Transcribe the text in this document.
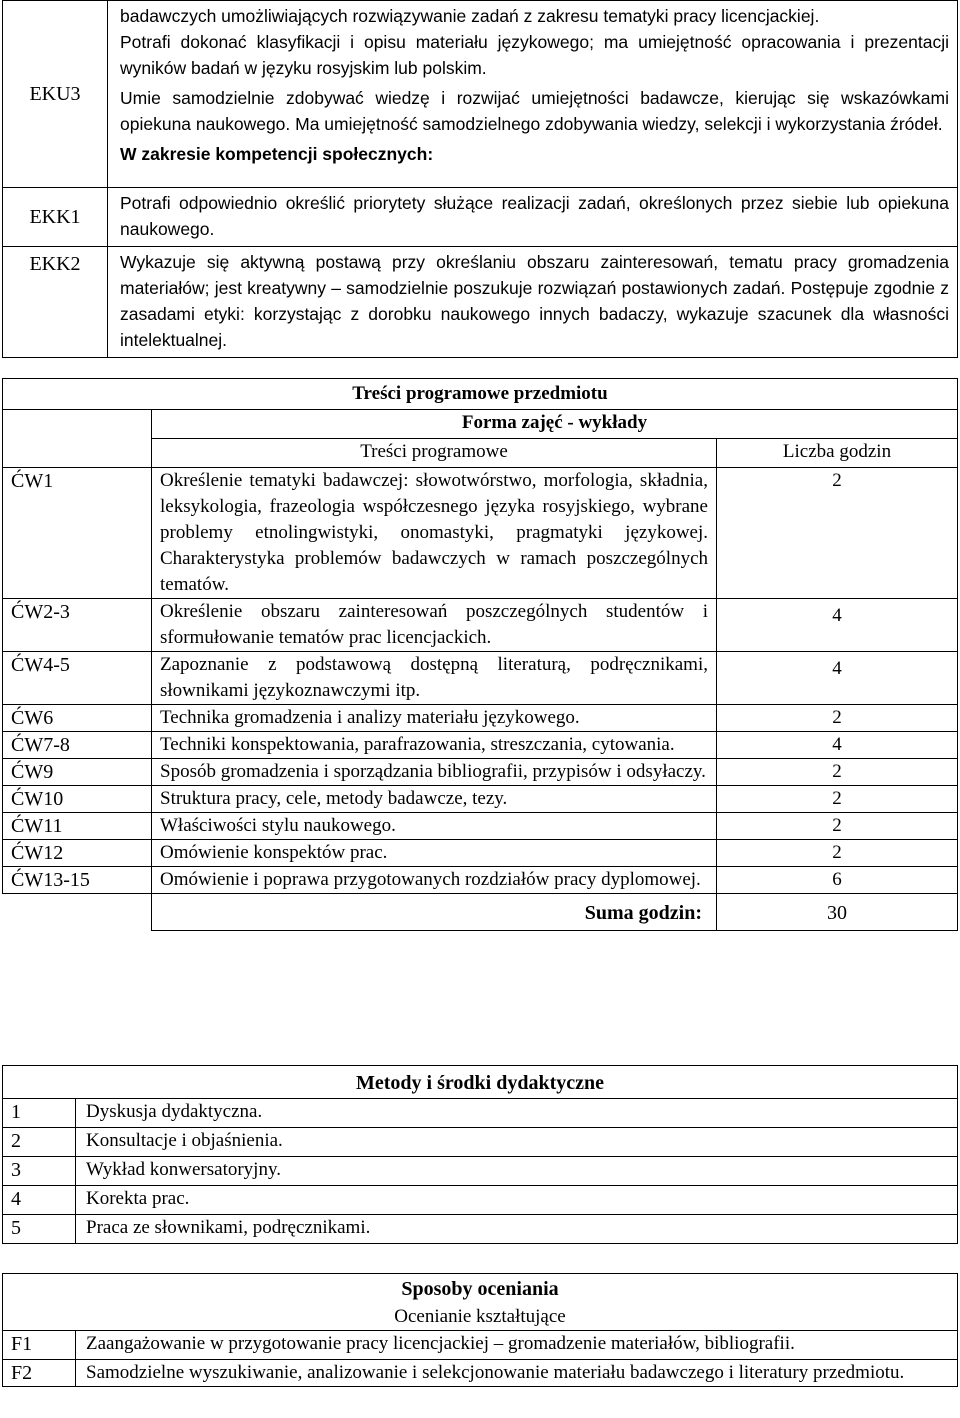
EKU3	badawczych umożliwiających rozwiązywanie zadań z zakresu tematyki pracy licencjackiej.
Potrafi dokonać klasyfikacji i opisu materiału językowego; ma umiejętność opracowania i prezentacji wyników badań w języku rosyjskim lub polskim.
Umie samodzielnie zdobywać wiedzę i rozwijać umiejętności badawcze, kierując się wskazówkami opiekuna naukowego. Ma umiejętność samodzielnego zdobywania wiedzy, selekcji i wykorzystania źródeł.
W zakresie kompetencji społecznych:

EKK1	Potrafi odpowiednio określić priorytety służące realizacji zadań, określonych przez siebie lub opiekuna naukowego.
EKK2	Wykazuje się aktywną postawą przy określaniu obszaru zainteresowań, tematu pracy gromadzenia materiałów; jest kreatywny – samodzielnie poszukuje rozwiązań postawionych zadań. Postępuje zgodnie z zasadami etyki: korzystając z dorobku naukowego innych badaczy, wykazuje szacunek dla własności intelektualnej.
Treści programowe przedmiotu		
	Forma zajęć - wykłady	
	Treści programowe	Liczba godzin
ĆW1	Określenie tematyki badawczej: słowotwórstwo, morfologia, składnia, leksykologia, frazeologia współczesnego języka rosyjskiego, wybrane problemy etnolingwistyki, onomastyki, pragmatyki językowej. Charakterystyka problemów badawczych w ramach poszczególnych tematów.	2
ĆW2-3	Określenie obszaru zainteresowań poszczególnych studentów i sformułowanie tematów prac licencjackich.	4
ĆW4-5	Zapoznanie z podstawową dostępną literaturą, podręcznikami, słownikami językoznawczymi itp.	4
ĆW6	Technika gromadzenia i analizy materiału językowego.	2
ĆW7-8	Techniki konspektowania, parafrazowania, streszczania, cytowania.	4
ĆW9	Sposób gromadzenia i sporządzania bibliografii, przypisów i odsyłaczy.	2
ĆW10	Struktura pracy, cele, metody badawcze, tezy.	2
ĆW11	Właściwości stylu naukowego.	2
ĆW12	Omówienie konspektów prac.	2
ĆW13-15	Omówienie i poprawa przygotowanych rozdziałów pracy dyplomowej.	6
	Suma godzin:	30
Metody i środki dydaktyczne	
1	Dyskusja dydaktyczna.
2	Konsultacje i objaśnienia.
3	Wykład konwersatoryjny.
4	Korekta prac.
5	Praca ze słownikami, podręcznikami.
Sposoby oceniania
Ocenianie kształtujące	

F1	Zaangażowanie w przygotowanie pracy licencjackiej – gromadzenie materiałów, bibliografii.
F2	Samodzielne wyszukiwanie, analizowanie i selekcjonowanie materiału badawczego i literatury przedmiotu.
